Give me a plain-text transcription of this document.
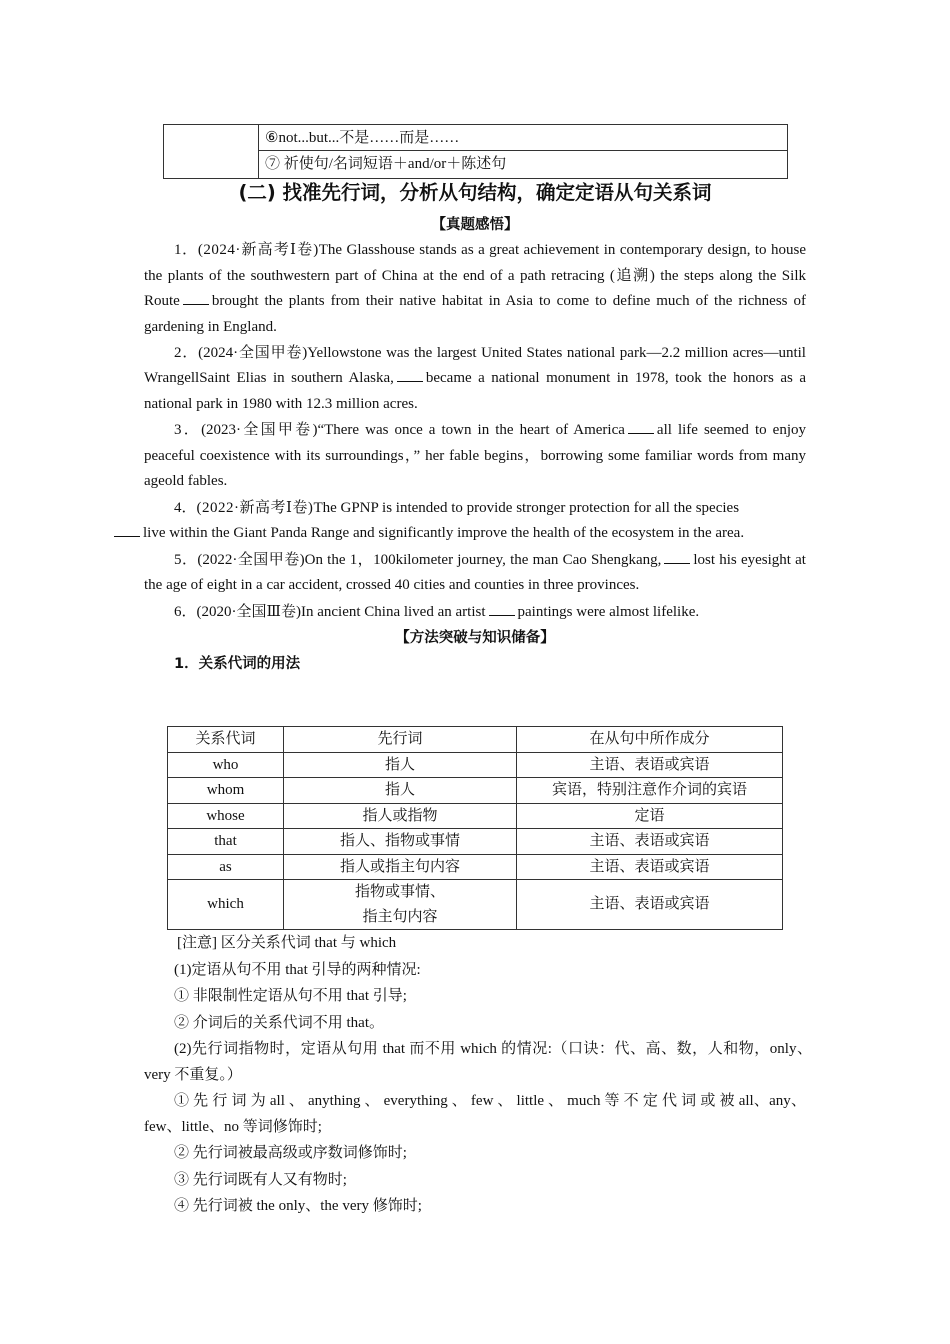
	⑥not...but...不是……而是……
⑦ 祈使句/名词短语＋and/or＋陈述句
(二) 找准先行词，分析从句结构，确定定语从句关系词
【真题感悟】

1．(2024·新高考Ⅰ卷)The Glasshouse stands as a great achievement in contemporary design, to house the plants of the southwestern part of China at the end of a path retracing (追溯) the steps along the Silk Route brought the plants from their native habitat in Asia to come to define much of the richness of gardening in England.

2．(2024·全国甲卷)Yellowstone was the largest United States national park—2.2 million acres—until WrangellSaint Elias in southern Alaska, became a national monument in 1978, took the honors as a national park in 1980 with 12.3 million acres.

3．(2023·全国甲卷)“There was once a town in the heart of America all life seemed to enjoy peaceful coexistence with its surroundings，” her fable begins，borrowing some familiar words from many ageold fables.

4．(2022·新高考Ⅰ卷)The GPNP is intended to provide stronger protection for all the species
live within the Giant Panda Range and significantly improve the health of the ecosystem in the area.

5．(2022·全国甲卷)On the 1，100kilometer journey, the man Cao Shengkang, lost his eyesight at the age of eight in a car accident, crossed 40 cities and counties in three provinces.

6．(2020·全国Ⅲ卷)In ancient China lived an artist paintings were almost lifelike.

【方法突破与知识储备】
1．关系代词的用法
关系代词	先行词	在从句中所作成分
who	指人	主语、表语或宾语
whom	指人	宾语，特别注意作介词的宾语
whose	指人或指物	定语
that	指人、指物或事情	主语、表语或宾语
as	指人或指主句内容	主语、表语或宾语
which	指物或事情、
指主句内容	主语、表语或宾语

[注意] 区分关系代词 that 与 which

(1)定语从句不用 that 引导的两种情况:

① 非限制性定语从句不用 that 引导;

② 介词后的关系代词不用 that。

(2)先行词指物时，定语从句用 that 而不用 which 的情况:（口诀：代、高、数，人和物，only、very 不重复。）

① 先 行 词 为 all 、 anything 、 everything 、 few 、 little 、 much 等 不 定 代 词 或 被 all、any、few、little、no 等词修饰时;

② 先行词被最高级或序数词修饰时;

③ 先行词既有人又有物时;

④ 先行词被 the only、the very 修饰时;
